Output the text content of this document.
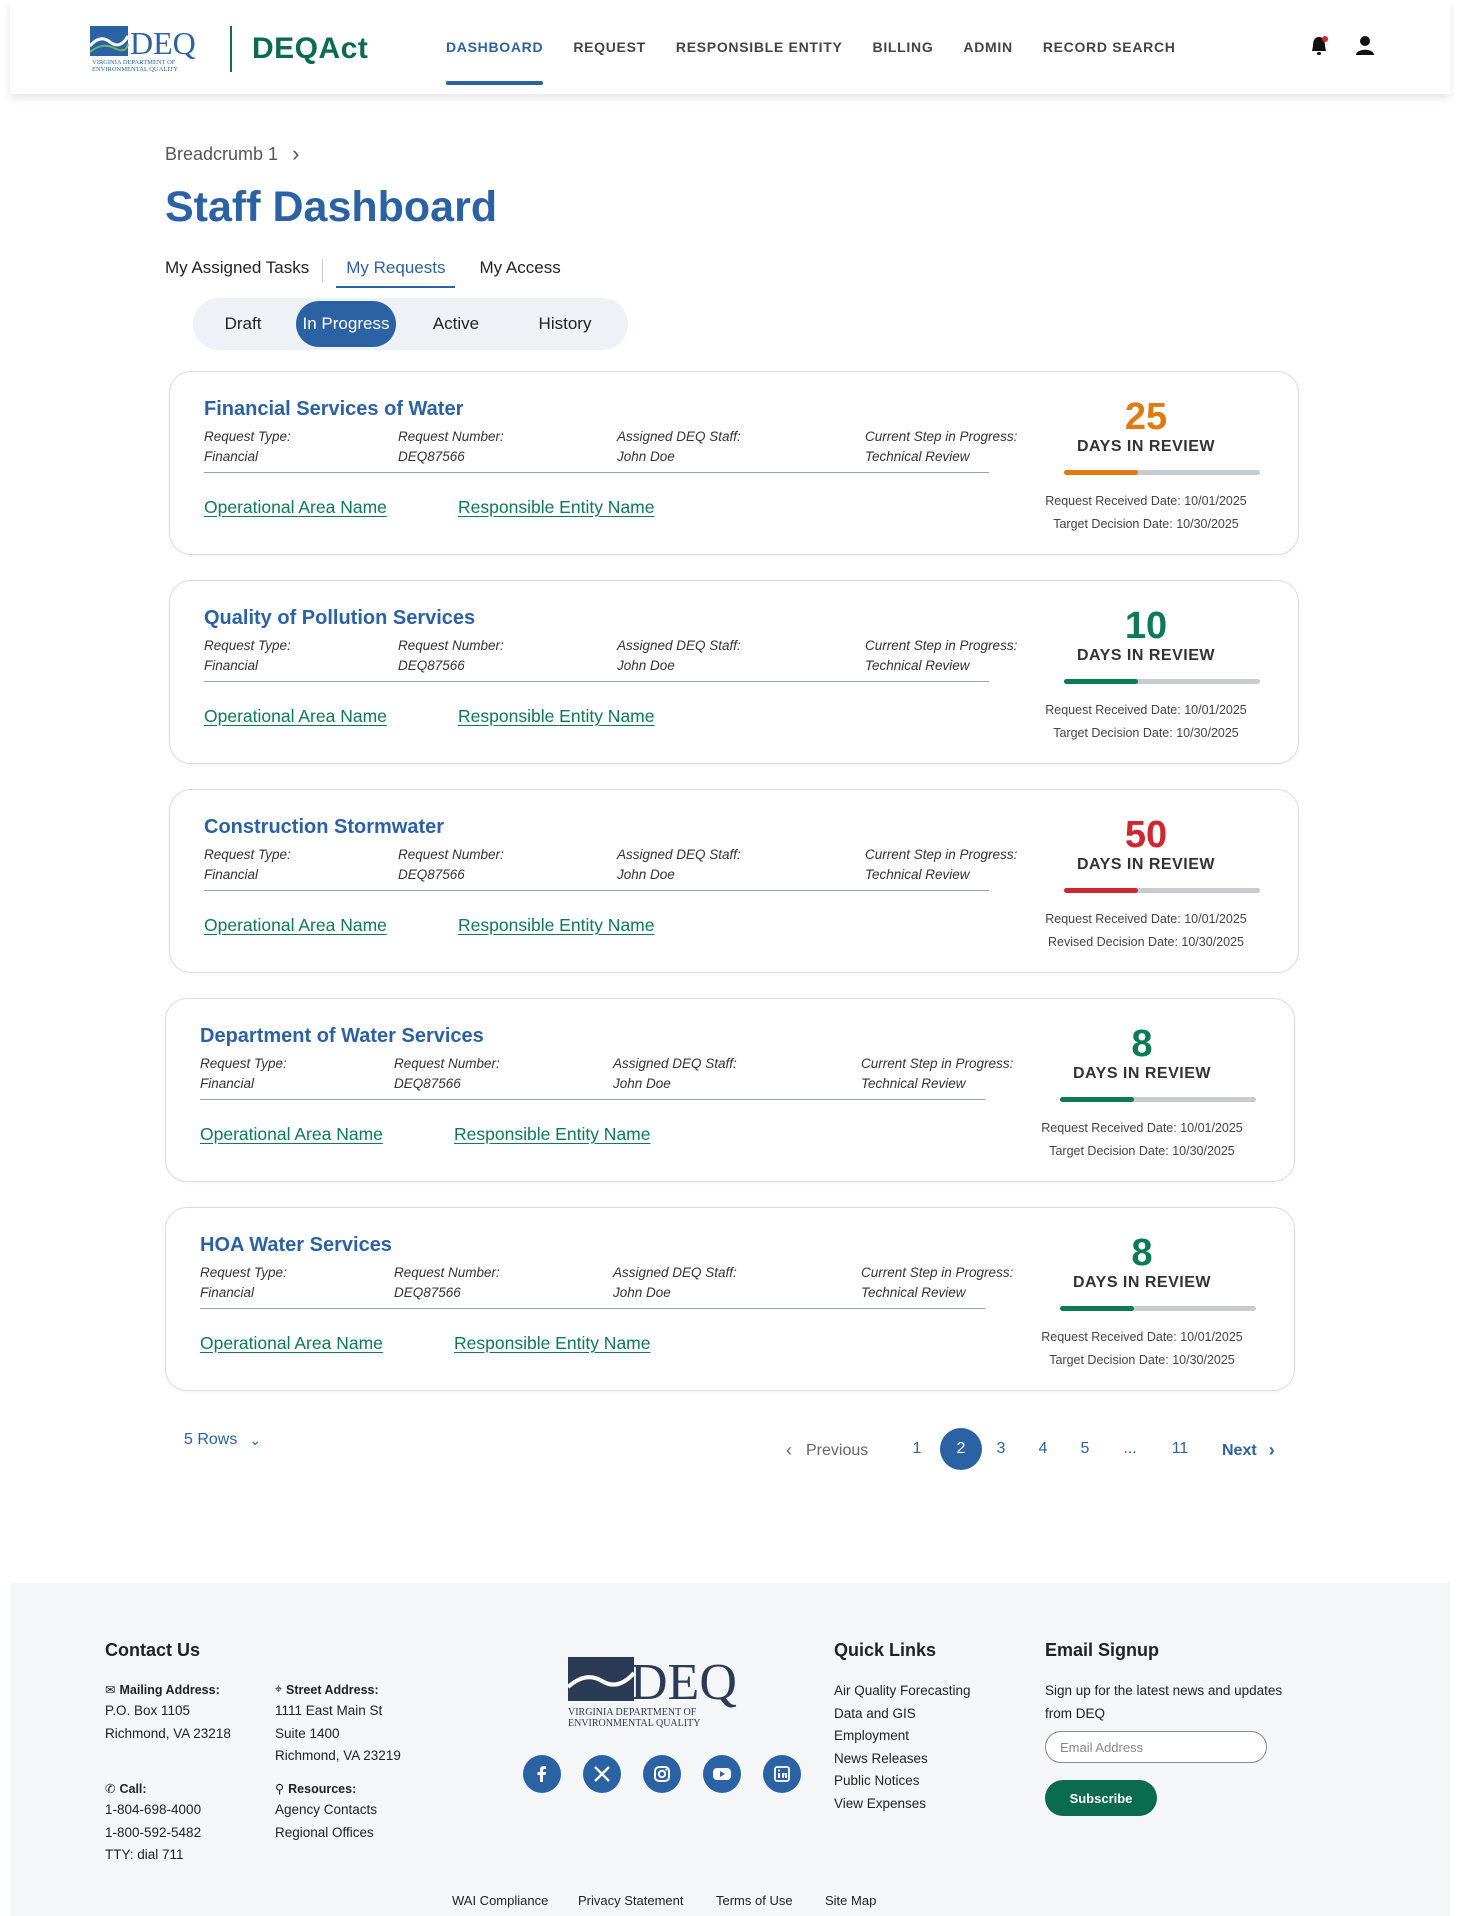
DEQ
VIRGINIA DEPARTMENT OF
ENVIRONMENTAL QUALITY
DEQAct	DASHBOARD	REQUEST	RESPONSIBLE ENTITY	BILLING	ADMIN	RECORD SEARCH
Breadcrumb 1 ›
Staff Dashboard
My Assigned Tasks My Requests	My Access
Draft	In Progress	Active	History
Financial Services of Water
Request Type:
Financial
Request Number:
DEQ87566
Assigned DEQ Staff:
John Doe
Current Step in Progress:
Technical Review
Operational Area Name	Responsible Entity Name
25
DAYS IN REVIEW
Request Received Date: 10/01/2025
Target Decision Date: 10/30/2025
Quality of Pollution Services
Request Type:
Financial
Request Number:
DEQ87566
Assigned DEQ Staff:
John Doe
Current Step in Progress:
Technical Review
Operational Area Name	Responsible Entity Name
10
DAYS IN REVIEW
Request Received Date: 10/01/2025
Target Decision Date: 10/30/2025
Construction Stormwater
Request Type:
Financial
Request Number:
DEQ87566
Assigned DEQ Staff:
John Doe
Current Step in Progress:
Technical Review
Operational Area Name	Responsible Entity Name
50
DAYS IN REVIEW
Request Received Date: 10/01/2025
Revised Decision Date: 10/30/2025
Department of Water Services
Request Type:
Financial
Request Number:
DEQ87566
Assigned DEQ Staff:
John Doe
Current Step in Progress:
Technical Review
Operational Area Name	Responsible Entity Name
8
DAYS IN REVIEW
Request Received Date: 10/01/2025
Target Decision Date: 10/30/2025
HOA Water Services
Request Type:
Financial
Request Number:
DEQ87566
Assigned DEQ Staff:
John Doe
Current Step in Progress:
Technical Review
Operational Area Name	Responsible Entity Name
8
DAYS IN REVIEW
Request Received Date: 10/01/2025
Target Decision Date: 10/30/2025
5 Rows ⌄
‹ Previous	1	2	3	4	5	... 11 Next ›
Contact Us
✉ Mailing Address:
P.O. Box 1105
Richmond, VA 23218
⌖ Street Address:
1111 East Main St
Suite 1400
Richmond, VA 23219
✆ Call:
1-804-698-4000
1-800-592-5482
TTY: dial 711
⚲ Resources:
Agency Contacts
Regional Offices
DEQ
VIRGINIA DEPARTMENT OF
ENVIRONMENTAL QUALITY
Quick Links
Air Quality Forecasting
Data and GIS
Employment
News Releases
Public Notices
View Expenses
Email Signup
Sign up for the latest news and updates
from DEQ
Email Address
Subscribe
WAI Compliance Privacy Statement	Terms of Use Site Map
